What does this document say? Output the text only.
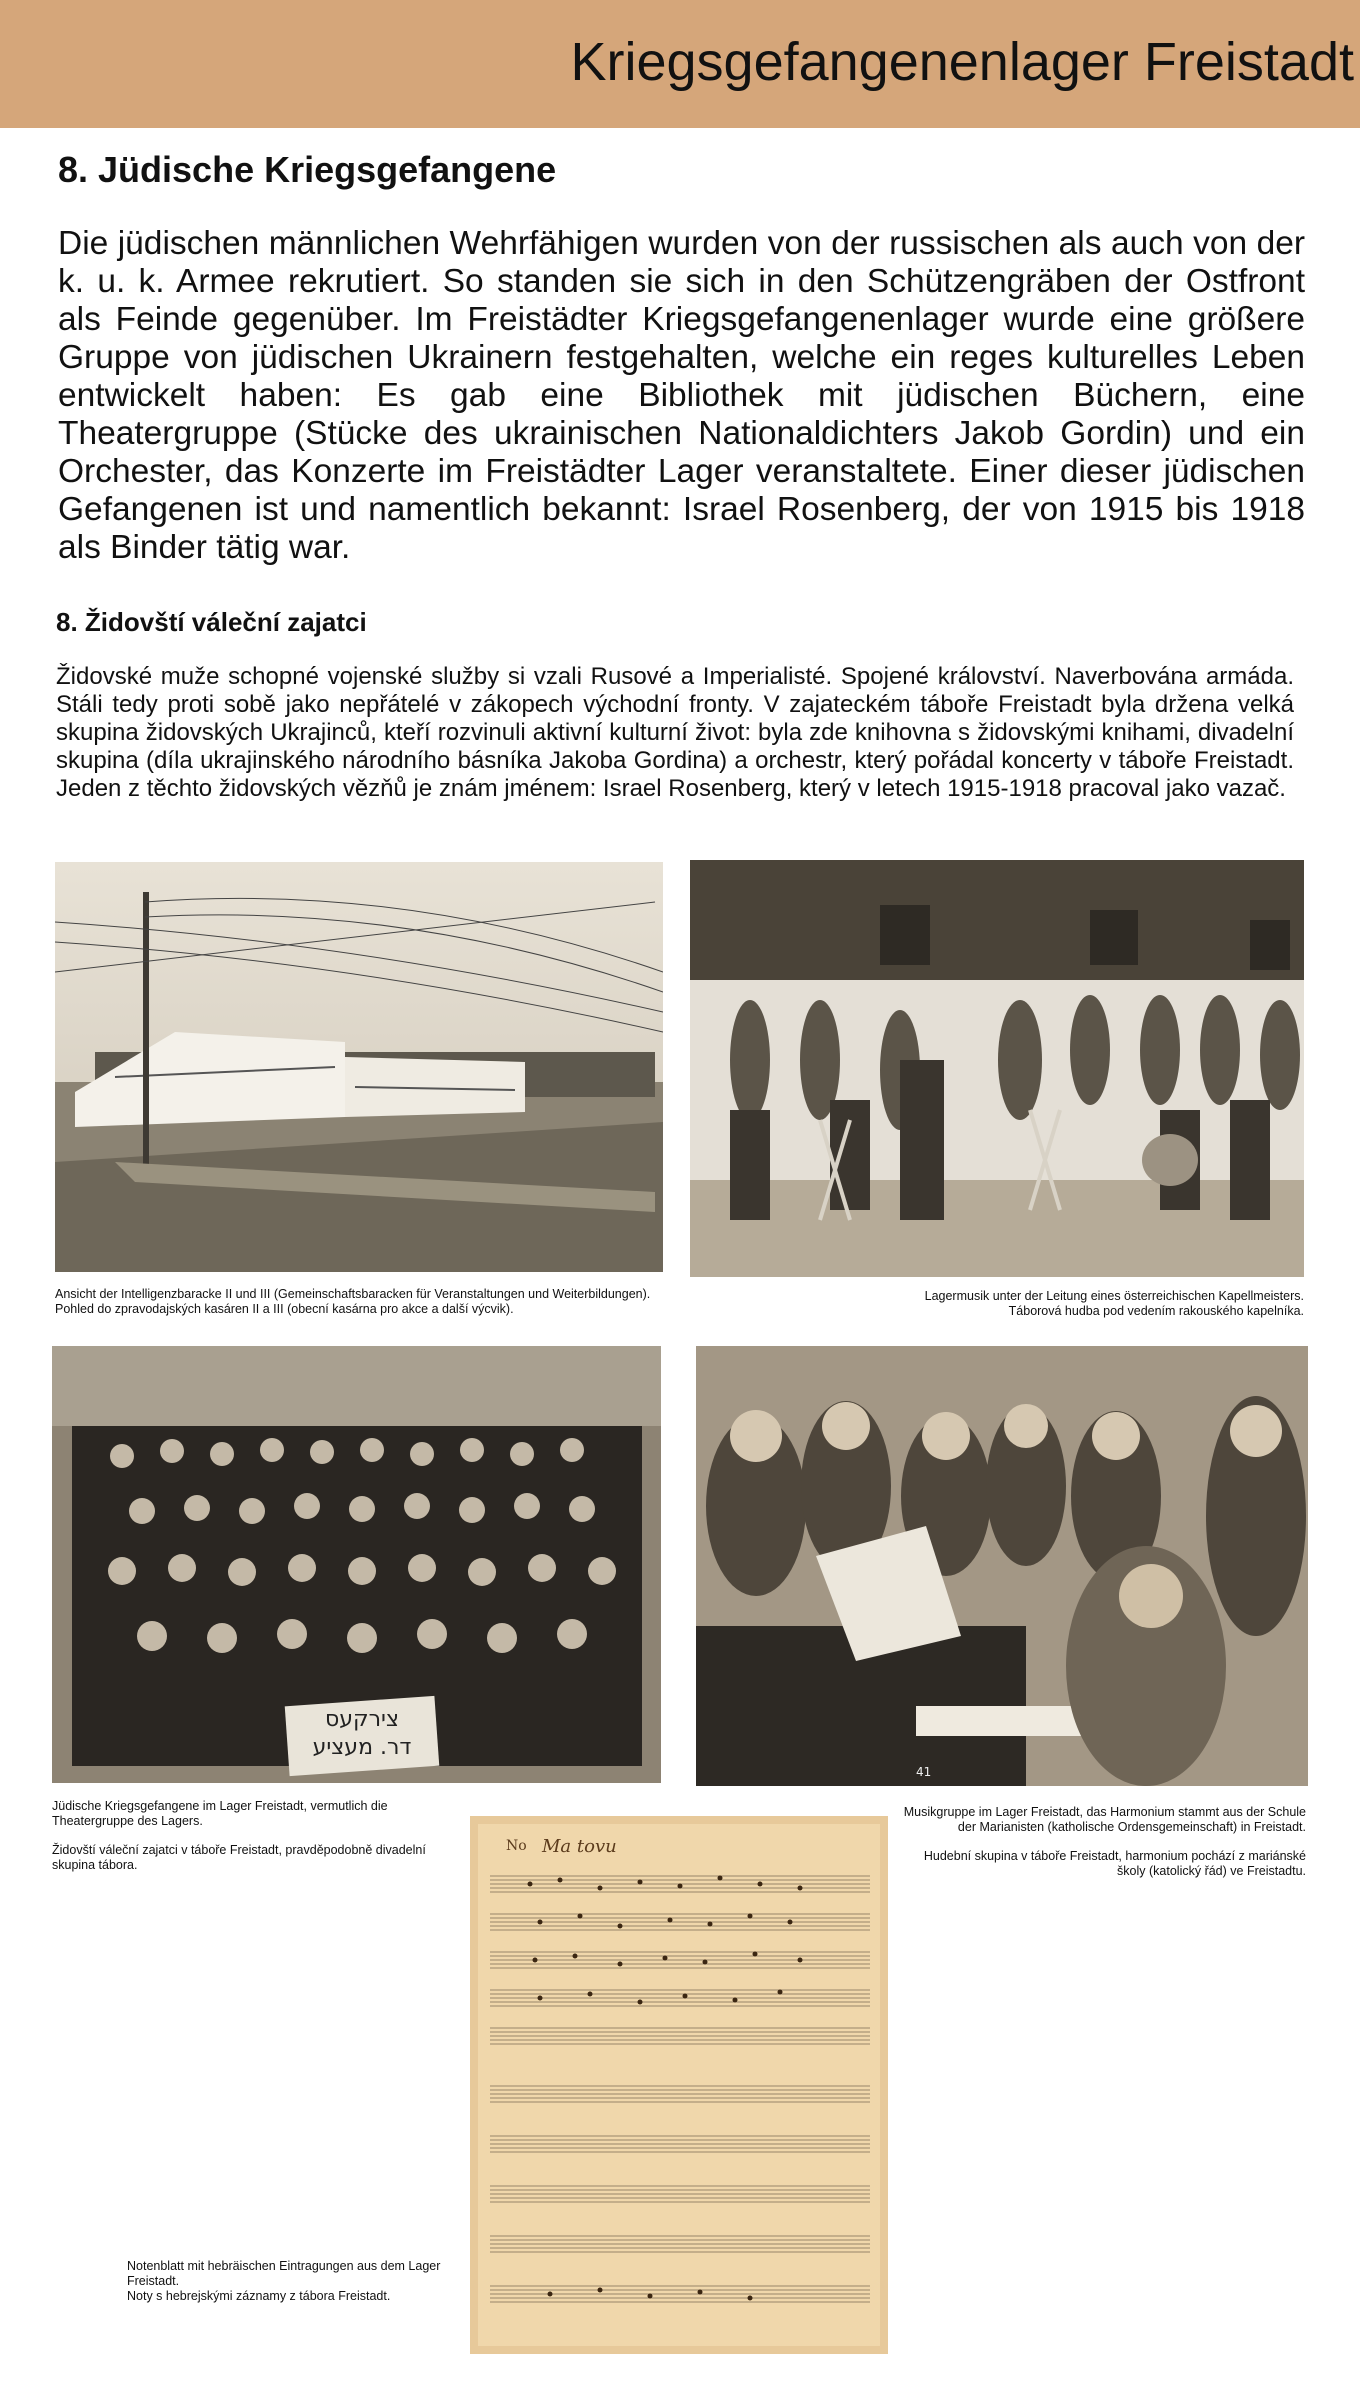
Kriegsgefangenenlager Freistadt
8. Jüdische Kriegsgefangene

Die jüdischen männlichen Wehrfähigen wurden von der russischen als auch von der k. u. k. Armee rekrutiert. So standen sie sich in den Schützengräben der Ostfront als Feinde gegenüber. Im Freistädter Kriegsgefangenenlager wurde eine größere Gruppe von jüdischen Ukrainern festgehalten, welche ein reges kulturelles Leben entwickelt haben: Es gab eine Bibliothek mit jüdischen Büchern, eine Theatergruppe (Stücke des ukrainischen Nationaldichters Jakob Gordin) und ein Orchester, das Konzerte im Freistädter Lager veranstaltete. Einer dieser jüdischen Gefangenen ist und namentlich bekannt: Israel Rosenberg, der von 1915 bis 1918 als Binder tätig war.

8. Židovští váleční zajatci

Židovské muže schopné vojenské služby si vzali Rusové a Imperialisté. Spojené království. Naverbována armáda. Stáli tedy proti sobě jako nepřátelé v zákopech východní fronty. V zajateckém táboře Freistadt byla držena velká skupina židovských Ukrajinců, kteří rozvinuli aktivní kulturní život: byla zde knihovna s židovskými knihami, divadelní skupina (díla ukrajinského národního básníka Jakoba Gordina) a orchestr, který pořádal koncerty v táboře Freistadt. Jeden z těchto židovských vězňů je znám jménem: Israel Rosenberg, který v letech 1915-1918 pracoval jako vazač.

Ansicht der Intelligenzbaracke II und III (Gemeinschaftsbaracken für Veranstaltungen und Weiterbildungen).
Pohled do zpravodajských kasáren II a III (obecní kasárna pro akce a další výcvik).
Lagermusik unter der Leitung eines österreichischen Kapellmeisters.
Táborová hudba pod vedením rakouského kapelníka.
צירקעס
דר. מעציע
Jüdische Kriegsgefangene im Lager Freistadt, vermutlich die Theatergruppe des Lagers.
Židovští váleční zajatci v táboře Freistadt, pravděpodobně divadelní skupina tábora.
41
Musikgruppe im Lager Freistadt, das Harmonium stammt aus der Schule der Marianisten (katholische Ordensgemeinschaft) in Freistadt.
Hudební skupina v táboře Freistadt, harmonium pochází z mariánské školy (katolický řád) ve Freistadtu.
No Ma tovu
Notenblatt mit hebräischen Eintragungen aus dem Lager Freistadt.
Noty s hebrejskými záznamy z tábora Freistadt.
